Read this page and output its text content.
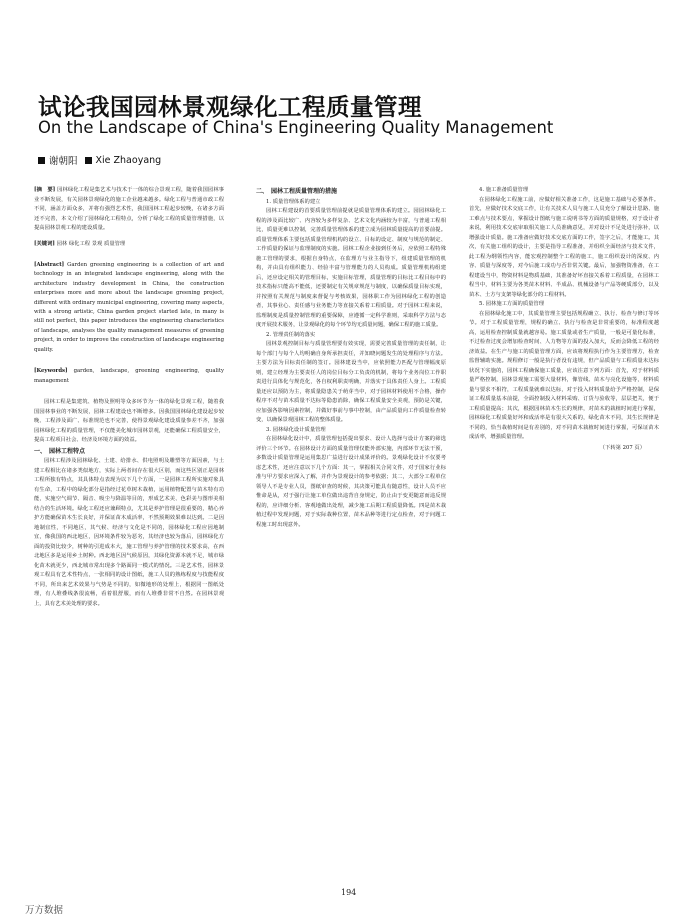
试论我国园林景观绿化工程质量管理
On the Landscape of China's Engineering Quality Management
谢朝阳 Xie Zhaoyang
[摘　要] 园林绿化工程是集艺术与技术于一体的综合景观工程，随着我国园林事业不断发展，有关园林景观绿化的施工企业越来越多。绿化工程与普通市政工程不同，涵盖方面众多，并将有强烈艺术性，我国园林工程起步较晚，在诸多方面还不完善，本文介绍了园林绿化工程特点，分析了绿化工程的质量管理措施，以提高园林景观工程的建设质量。
[关键词] 园林 绿化工程 景观 质量管理
[Abstract] Garden greening engineering is a collection of art and technology in an integrated landscape engineering, along with the architecture industry development in China, the construction enterprises more and more about the landscape greening project, different with ordinary municipal engineering, covering many aspects, with a strong artistic, China garden project started late, in many is still not perfect, this paper introduces the engineering characteristics of landscape, analyses the quality management measures of greening project, in order to improve the construction of landscape engineering quality.
[Keywords] garden, landscape, greening engineering, quality management

园林工程是集建筑、植物及照明等众多环节为一体的绿化景观工程，随着我国园林事业的不断发展，园林工程建设也不断增多。因我国园林绿化建设起步较晚、工程涉及面广、标准规范也不完善，使得景观绿化建设质量参差不齐，加强园林绿化工程的质量管理，不仅能美化城市园林景观，还能确保工程质量安全，提高工程项目社会、经济及环境方面的效益。

一、　园林工程特点

园林工程涉及园林绿化、土建、给排水、供电照明及雕塑等方面因素，与土建工程相比在诸多类似地方，实际上两者间存在很大区别，而这些区别正是园林工程所独有特点，其具体特点表现为以下几个方面，一是园林工程所实施对象具有生命，工程中的绿化部分是指经过花草树木栽植，运用植物配置与苗木特有功能，实施空气调节、隔音、吸尘与降温等目的，形成艺术美、色彩美与图形美相结合的生活环境。绿化工程还应兼顾特点，尤其是养护管理是很重要的，精心养护方能确保苗木生长良好，并保证苗木成活率，不然预期效果难以达到。二是因地制宜性，不同地区，其气候、经济与文化是不同的，园林绿化工程应因地制宜，像我国的西北地区，因环境条件较为恶劣，其经济也较为落后，园林绿化方面的投资比较少，树种的引进成本大，施工管理与养护管理的技术要求高，在西北地区多是运用乡土树种。西北地区因气候原因，其绿化资源本就不足，城市绿化苗木就更少，西北城市常出现多个路面同一模式的情况。三是艺术性，园林景观工程具有艺术性特点，一张相同的设计图纸，施工人员的熟练程度与技能程度不同，所出来艺术效果与气势是不同的，如微地形的处理上，根据同一图纸处理，有人堆叠线条很流畅，看着很舒服，而有人堆叠非常不自然。在园林景观上，具有艺术美处理的要求。

二、　园林工程质量管理的措施
1. 质量管理体系的建立

园林工程建设的首要质量管理前提就是质量管理体系的建立。园园林绿化工程的涉及面比较广、内容较为多样复杂、艺术文化内涵较为丰富，与普通工程相比，质量更难以控制，完善质量管理体系的建立成为园林质量提高的首要前提。质量管理体系主要包括质量管理机构的设立、目标的设定、制度与规范的制定、工作质量的保证与监理制度的实施。园林工程企业接到任务后，应依照工程特殊施工管理的要求，根据自身特点，在监理方与业主指导下，组建质量管理的机构，并由具有组织能力、经验丰富与管理能力的人员构成。质量管理机构组建后，还应设定相关的管理目标，实施目标管理，质量管理的目标比工程目标中的技术指标只能高不能低，还要制定有关规章规范与制度，以确保质量目标实现，并按照有关规范与制度来督促与考核效果，园林职工作为园林绿化工程的创造者，其事业心、责任感与业务能力等直接关系着工程质量。对于园林工程来说，监理制度是质量控制管理的重要保障，应遵循一定科学准则，采取科学方法与态度开展技术服务，让景观绿化的每个环节均无质量问题，确保工程的施工质量。

2. 管理责任制的落实

园林景观控制目标与质量管理要有效实现，需要完善质量管理的责任制，让每个部门与每个人均明确自身所承担责任，并知晓问题发生的处理程序与方法。主要方法为目标责任制的签订。园林建设当中，应依照能力匹配与管理幅度原则，建立经理为主要责任人的岗位目标分工负责的机制，将每个业务岗位工作职责进行具体化与规范化，各自权利职责明确，并落实于具体责任人身上。工程质量还应以预防为主，将质量隐患关于萌芽当中，对于园林材料使用不合格，操作程序不对与苗木质量不达标等隐患消除，确保工程质量安全美观，预防是关键，应加强各影响因素控制，并做好事前与事中控制，由产品质量向工作质量检查转变，以确保景观园林工程的整体质量。

3. 园林绿化设计质量管理

在园林绿化设计中，质量管理包括提出要求、设计人选择与设计方案的筛选评价三个环节。在园林设计方面的质量管理仅能外部实施，内部环节无法干预，多数设计质量管理是运用集思广益进行设计成果评价的。景观绿化设计不仅要考虑艺术性，还应注意以下几个方面：其一，掌握相关合同文件，对于国家行业标准与甲方要求应深入了解，并作为景观设计的参考依据；其二，大部分工程单位领导人不是专业人员，图纸审查的时候，其决策可能具有随意性，设计人员不应惟命是从，对于强行让施工单位做出违背自身规定，防止由于变更随意而违反规程的，应详细分析、客观地做出处理，减少施工后期工程质量降低。四是苗木栽植过程中发现问题，对于实际栽种位置，苗木品种等进行定点检查，对于问题工程施工时出现意外。

4. 施工准备质量管理

在园林绿化工程施工前，应做好相关准备工作，这是施工基础与必要条件。首先，应做好技术交底工作，让有关技术人员与施工人员充分了解设计思路、施工难点与技术要点，掌握设计图纸与施工说明书等方面的质量规格，对于设计者来说，利用技术交底审取相关施工人员准确意见，并对设计不足处进行弥补，以增强设计质量。施工准备应做好技术交底方面的工作，签字之后，才能施工。其次，有关施工组织的设计，主要是指导工程准备，并组织全面经济与技术文件，此工程为纲领性内容，能宏观控制整个工程的施工，施工组织设计的深度、内容、质量与深度等，对今后施工成功与否非常关键。最后，加强物资准备，在工程建设当中，物资材料是物质基础，其准备好坏直接关系着工程质量，在园林工程当中，材料主要为各类苗木材料、半成品、机械设备与产品等硬质部分，以及苗木、土方与支架等绿化部分的工程材料。

5. 园林施工方面的质量管理

在园林绿化施工中，其质量管理主要包括规程确立、执行、检查与修订等环节。对于工程质量管理，规程的确立、执行与检查是非常重要的，标准程度越高，运用检查控制质量就越容易。施工质量或者生产质量，一般是可量化标准，不过检查过度会增加检查时间、人力物等方面的投入加大，反而会降低工程的经济效益。在生产与施工的质量管理方面，应该将规程执行作为主要管理方，检查监督辅助实施。规程修订一般是执行者没有违规，但产品质量与工程质量未达标状况下实施的，园林工程确保施工质量，应该注意下列方面：首先，对于材料质量严格控制，园林景观施工需要大量材料，像管线、苗木与亮化设施等，材料质量与要求不相符，工程质量就难以达标，对于投入材料质量给予严格控制，是保证工程质量基本前提，全面控制投入材料采购、订货与验收等，层层把关，便于工程质量提高；其次，根据园林苗木生长的规律，对苗木的栽植时间进行掌握，园林绿化工程质量好坏和成活率是有很大关系的，绿化苗木不同，其生长规律是不同的，恰当栽植时间是有差别的，对不同苗木栽植时间进行掌握，可保证苗木成活率，增强质量管理。

（下转第 207 页）
194
万方数据
